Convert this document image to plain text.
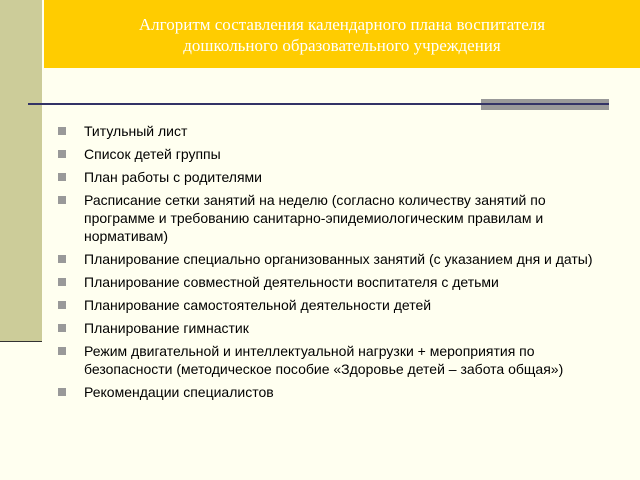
Алгоритм составления календарного плана воспитателя
дошкольного образовательного учреждения
Титульный лист
Список детей группы
План работы с родителями
Расписание сетки занятий на неделю (согласно количеству занятий по программе и требованию санитарно-эпидемиологическим правилам и нормативам)
Планирование специально организованных занятий (с указанием дня и даты)
Планирование совместной деятельности воспитателя с детьми
Планирование самостоятельной деятельности детей
Планирование гимнастик
Режим двигательной и интеллектуальной нагрузки + мероприятия по безопасности (методическое пособие «Здоровье детей – забота общая»)
Рекомендации специалистов
